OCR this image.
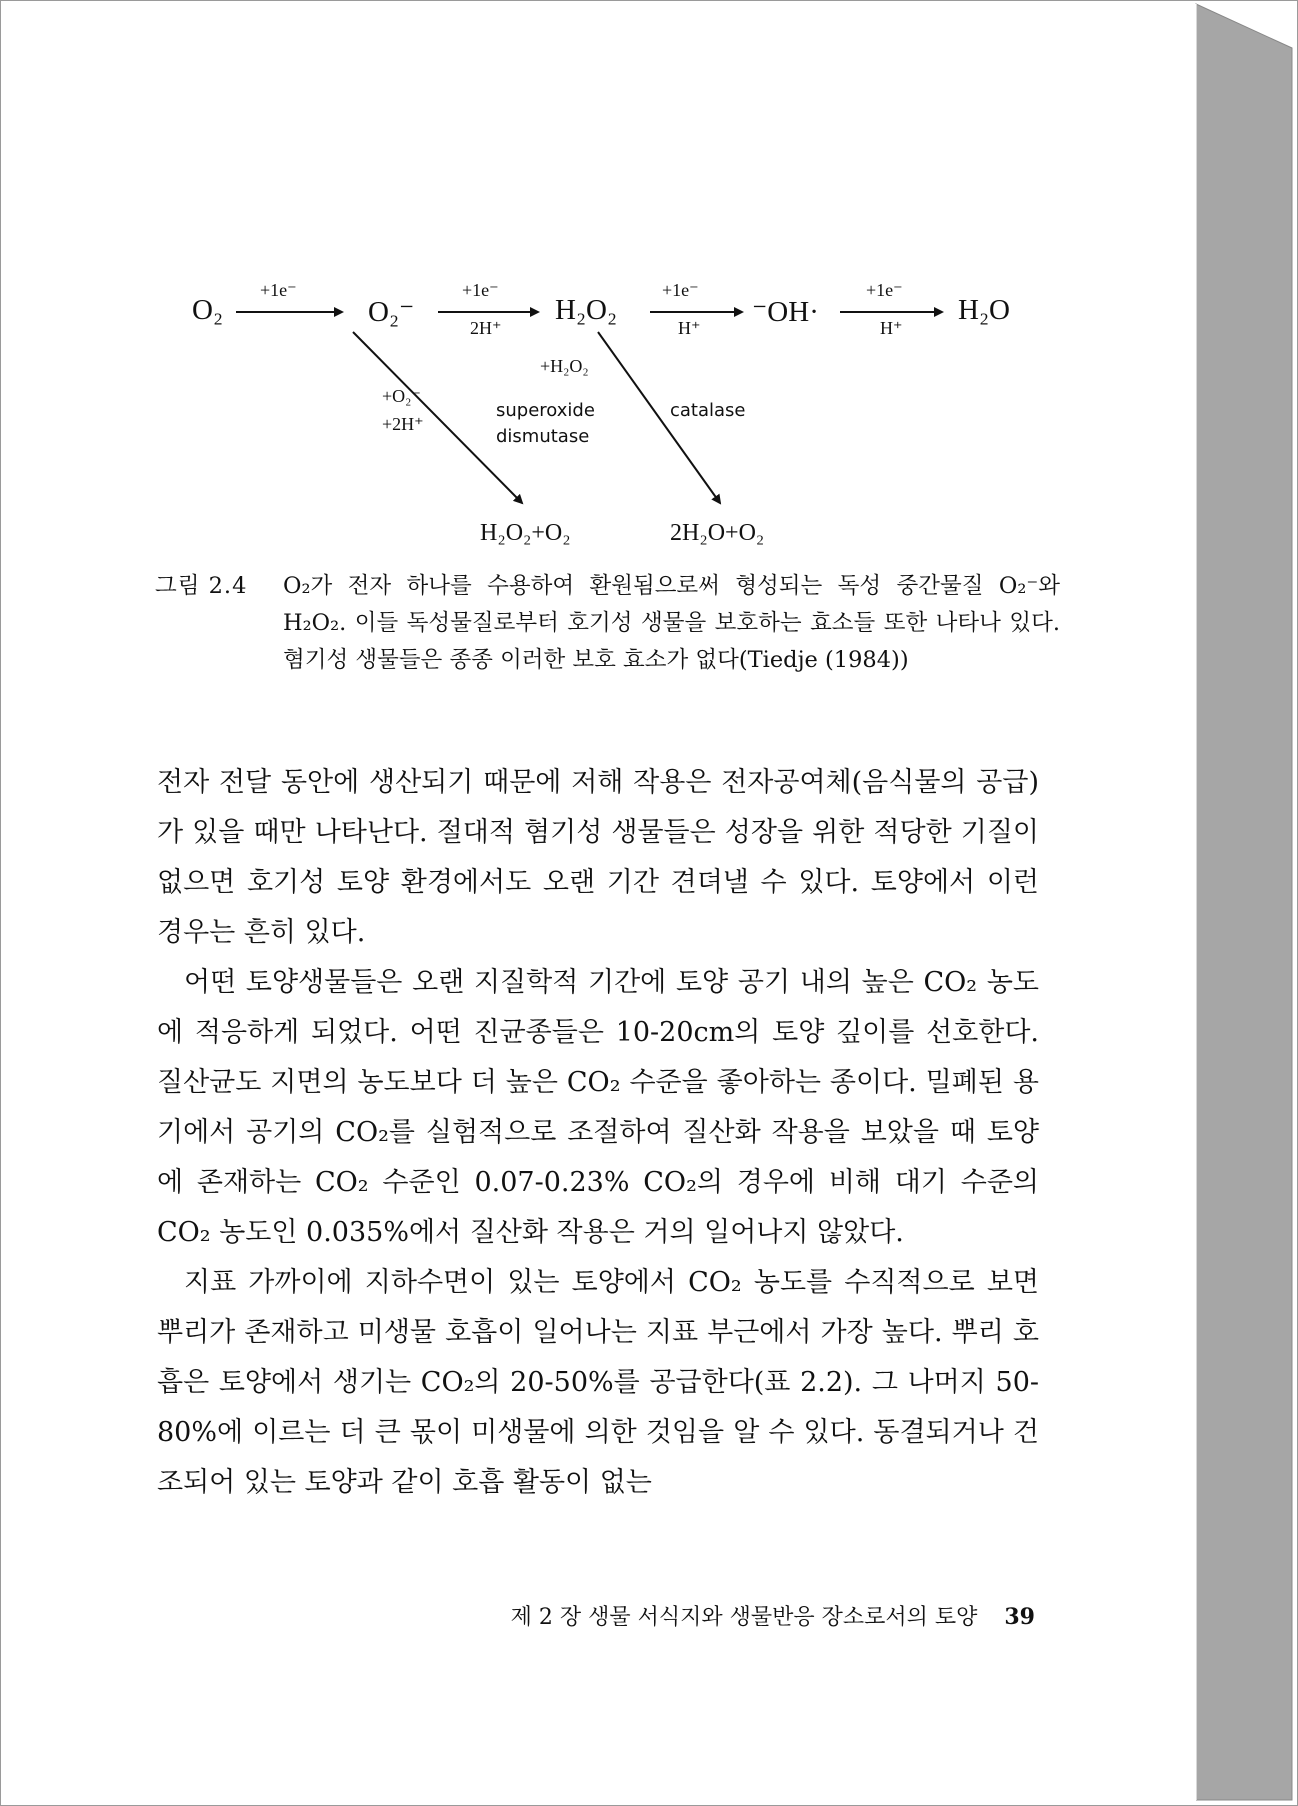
O₂	O₂⁻	H₂O₂	⁻OH·	H₂O
+1e⁻	+1e⁻
2H⁺
+1e⁻
H⁺
+1e⁻
H⁺
+O₂⁻
+2H⁺
+H₂O₂
superoxide
dismutase
catalase
H₂O₂+O₂	2H₂O+O₂
그림 2.4 O₂가 전자 하나를 수용하여 환원됨으로써 형성되는 독성 중간물질 O₂⁻와 H₂O₂. 이들 독성물질로부터 호기성 생물을 보호하는 효소들 또한 나타나 있다. 혐기성 생물들은 종종 이러한 보호 효소가 없다(Tiedje (1984))

전자 전달 동안에 생산되기 때문에 저해 작용은 전자공여체(음식물의 공급)가 있을 때만 나타난다. 절대적 혐기성 생물들은 성장을 위한 적당한 기질이 없으면 호기성 토양 환경에서도 오랜 기간 견뎌낼 수 있다. 토양에서 이런 경우는 흔히 있다.

어떤 토양생물들은 오랜 지질학적 기간에 토양 공기 내의 높은 CO₂ 농도에 적응하게 되었다. 어떤 진균종들은 10-20cm의 토양 깊이를 선호한다. 질산균도 지면의 농도보다 더 높은 CO₂ 수준을 좋아하는 종이다. 밀폐된 용기에서 공기의 CO₂를 실험적으로 조절하여 질산화 작용을 보았을 때 토양에 존재하는 CO₂ 수준인 0.07-0.23% CO₂의 경우에 비해 대기 수준의 CO₂ 농도인 0.035%에서 질산화 작용은 거의 일어나지 않았다.

지표 가까이에 지하수면이 있는 토양에서 CO₂ 농도를 수직적으로 보면 뿌리가 존재하고 미생물 호흡이 일어나는 지표 부근에서 가장 높다. 뿌리 호흡은 토양에서 생기는 CO₂의 20-50%를 공급한다(표 2.2). 그 나머지 50-80%에 이르는 더 큰 몫이 미생물에 의한 것임을 알 수 있다. 동결되거나 건조되어 있는 토양과 같이 호흡 활동이 없는

제 2 장 생물 서식지와 생물반응 장소로서의 토양 39
